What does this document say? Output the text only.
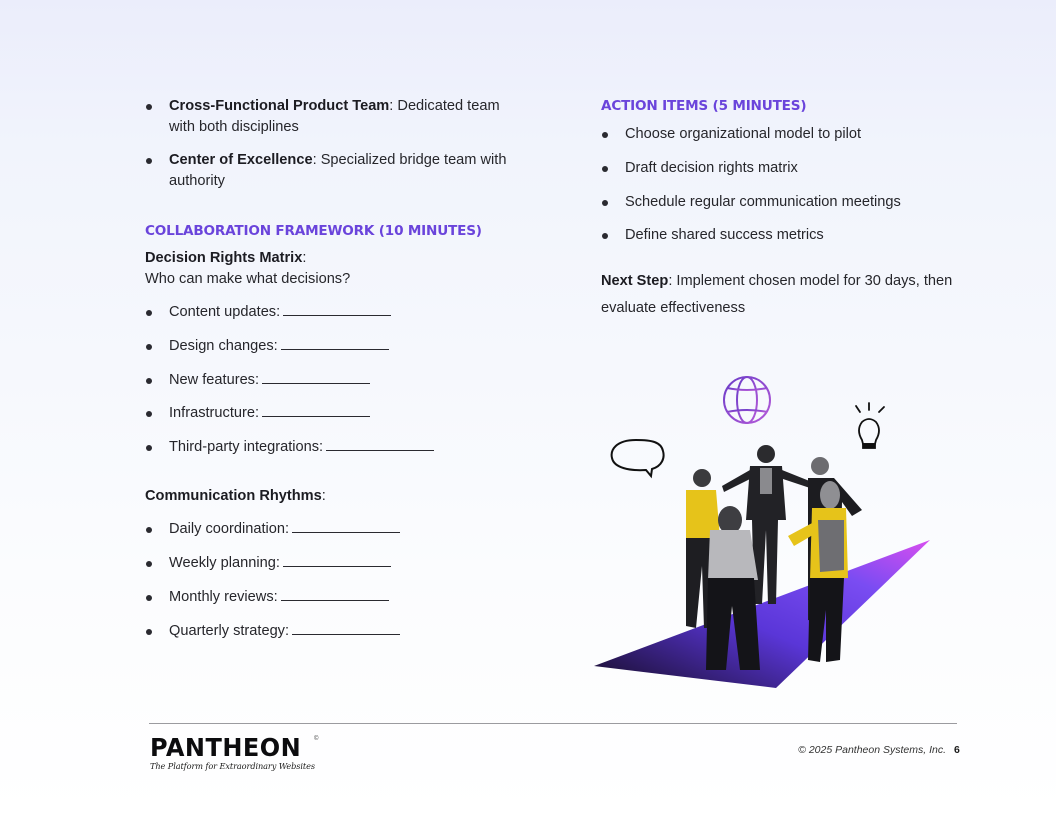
Cross-Functional Product Team: Dedicated team with both disciplines
Center of Excellence: Specialized bridge team with authority
COLLABORATION FRAMEWORK (10 MINUTES)
Decision Rights Matrix:
Who can make what decisions?
Content updates:
Design changes:
New features:
Infrastructure:
Third-party integrations:
Communication Rhythms:
Daily coordination:
Weekly planning:
Monthly reviews:
Quarterly strategy:
ACTION ITEMS (5 MINUTES)
Choose organizational model to pilot
Draft decision rights matrix
Schedule regular communication meetings
Define shared success metrics
Next Step: Implement chosen model for 30 days, then evaluate effectiveness
PANTHEON	©
The Platform for Extraordinary Websites
© 2025 Pantheon Systems, Inc. 6
